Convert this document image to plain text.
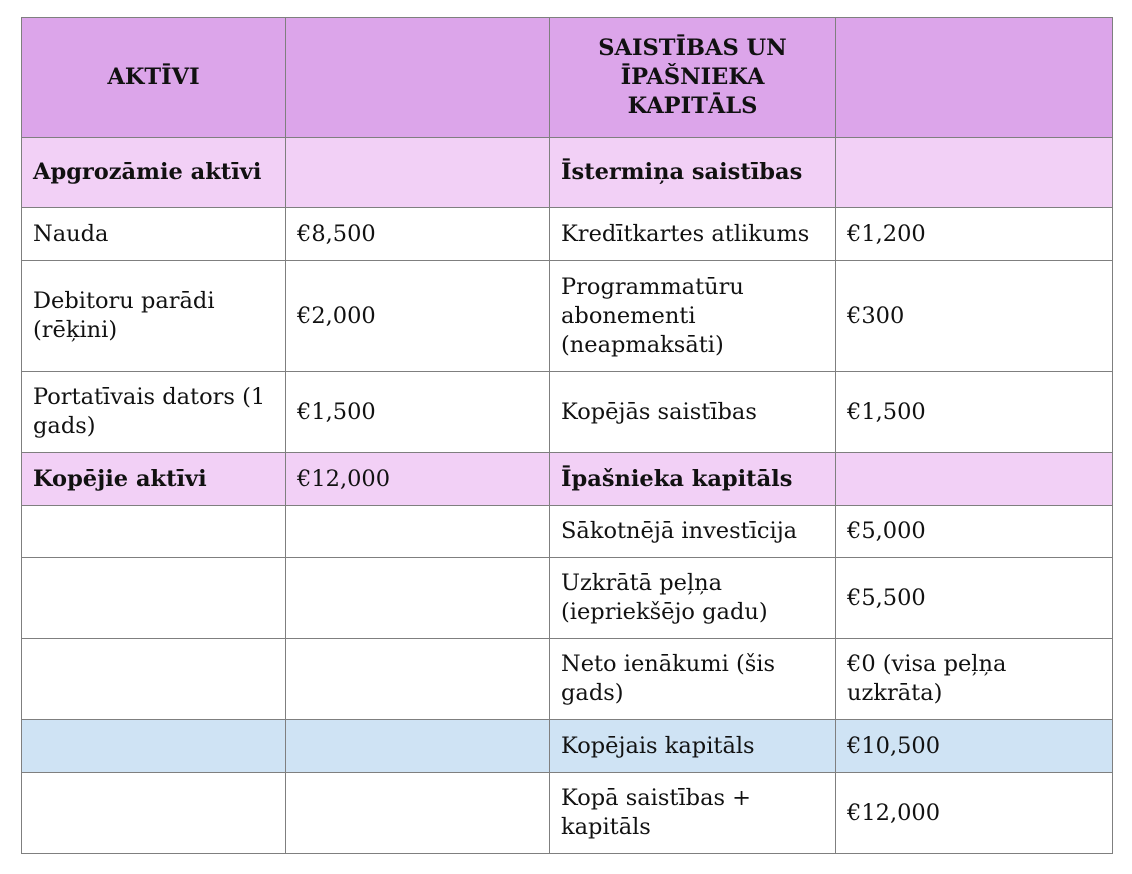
AKTĪVI		SAISTĪBAS UN ĪPAŠNIEKA KAPITĀLS	
Apgrozāmie aktīvi		Īstermiņa saistības	
Nauda	€8,500	Kredītkartes atlikums	€1,200
Debitoru parādi (rēķini)	€2,000	Programmatūru abonementi (neapmaksāti)	€300
Portatīvais dators (1 gads)	€1,500	Kopējās saistības	€1,500
Kopējie aktīvi	€12,000	Īpašnieka kapitāls	
		Sākotnējā investīcija	€5,000
		Uzkrātā peļņa (iepriekšējo gadu)	€5,500
		Neto ienākumi (šis gads)	€0 (visa peļņa uzkrāta)
		Kopējais kapitāls	€10,500
		Kopā saistības + kapitāls	€12,000
